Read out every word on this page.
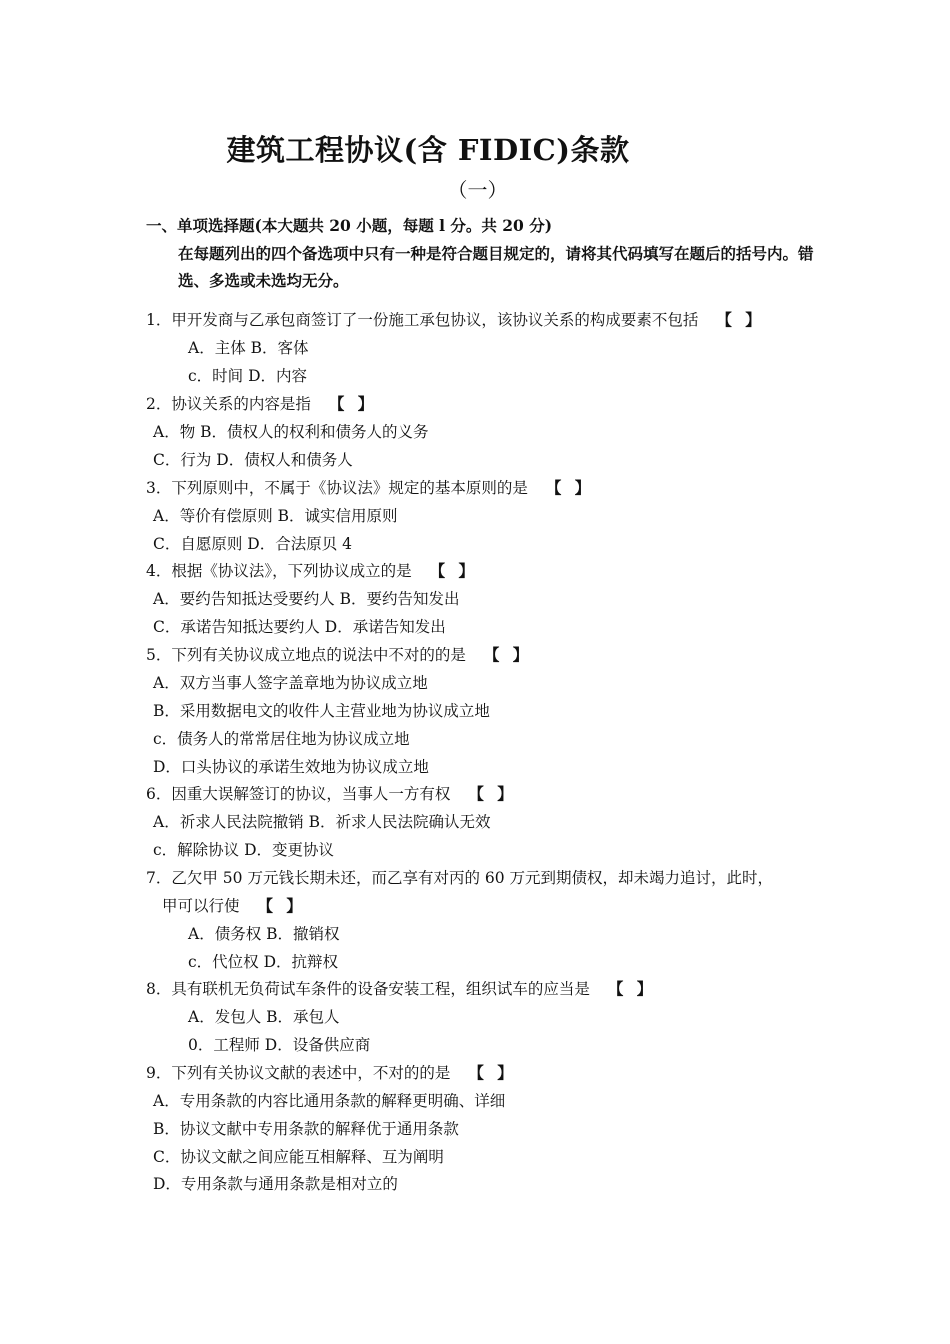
建筑工程协议(含 FIDIC)条款
（一）
一、单项选择题(本大题共 20 小题，每题 l 分。共 20 分)
在每题列出的四个备选项中只有一种是符合题目规定的，请将其代码填写在题后的括号内。错选、多选或未选均无分。
1．甲开发商与乙承包商签订了一份施工承包协议，该协议关系的构成要素不包括 【 】
A．主体 B．客体
c．时间 D．内容
2．协议关系的内容是指 【 】
A．物 B．债权人的权利和债务人的义务
C．行为 D．债权人和债务人
3．下列原则中，不属于《协议法》规定的基本原则的是 【 】
A．等价有偿原则 B．诚实信用原则
C．自愿原则 D．合法原贝 4
4．根据《协议法》，下列协议成立的是 【 】
A．要约告知抵达受要约人 B．要约告知发出
C．承诺告知抵达要约人 D．承诺告知发出
5．下列有关协议成立地点的说法中不对的的是 【 】
A．双方当事人签字盖章地为协议成立地
B．采用数据电文的收件人主营业地为协议成立地
c．债务人的常常居住地为协议成立地
D．口头协议的承诺生效地为协议成立地
6．因重大误解签订的协议，当事人一方有权 【 】
A．祈求人民法院撤销 B．祈求人民法院确认无效
c．解除协议 D．变更协议
7．乙欠甲 50 万元钱长期未还，而乙享有对丙的 60 万元到期债权，却未竭力追讨，此时，
甲可以行使 【 】
A．债务权 B．撤销权
c．代位权 D．抗辩权
8．具有联机无负荷试车条件的设备安装工程，组织试车的应当是 【 】
A．发包人 B．承包人
0．工程师 D．设备供应商
9．下列有关协议文献的表述中，不对的的是 【 】
A．专用条款的内容比通用条款的解释更明确、详细
B．协议文献中专用条款的解释优于通用条款
C．协议文献之间应能互相解释、互为阐明
D．专用条款与通用条款是相对立的
